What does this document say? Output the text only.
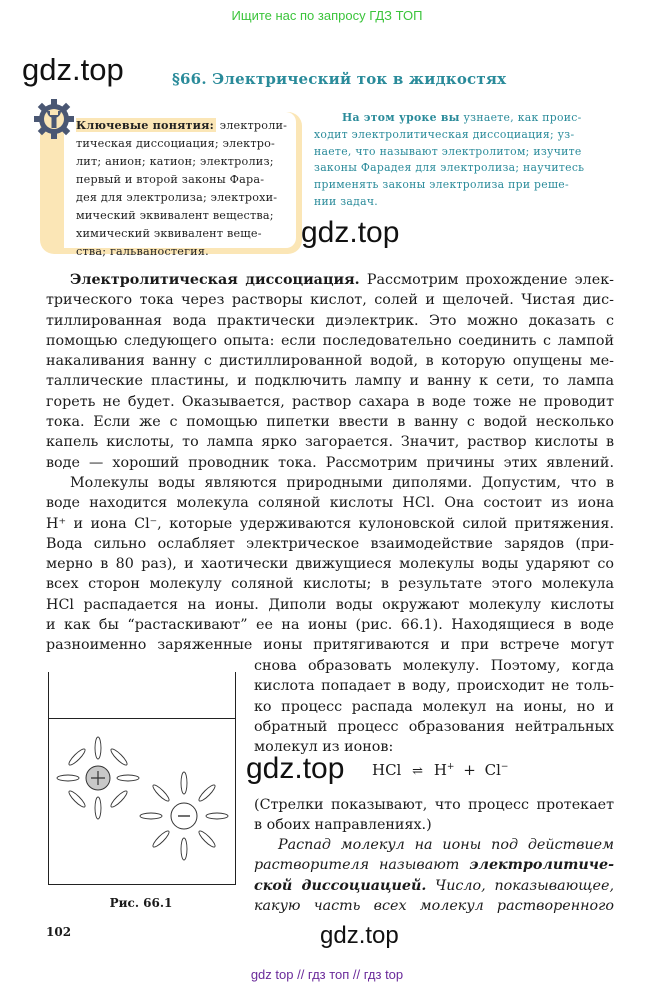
Ищите нас по запросу ГДЗ ТОП
gdz.top	§66. Электрический ток в жидкостях
Ключевые понятия: электроли-
тическая диссоциация; электро-
лит; анион; катион; электролиз;
первый и второй законы Фара-
дея для электролиза; электрохи-
мический эквивалент вещества;
химический эквивалент веще-
ства; гальваностегия.
На этом уроке вы узнаете, как проис-
ходит электролитическая диссоциация; уз-
наете, что называют электролитом; изучите
законы Фарадея для электролиза; научитесь
применять законы электролиза при реше-
нии задач.
gdz.top
Электролитическая диссоциация. Рассмотрим прохождение элек-
трического тока через растворы кислот, солей и щелочей. Чистая дис-
тиллированная вода практически диэлектрик. Это можно доказать с
помощью следующего опыта: если последовательно соединить с лампой
накаливания ванну с дистиллированной водой, в которую опущены ме-
таллические пластины, и подключить лампу и ванну к сети, то лампа
гореть не будет. Оказывается, раствор сахара в воде тоже не проводит
тока. Если же с помощью пипетки ввести в ванну с водой несколько
капель кислоты, то лампа ярко загорается. Значит, раствор кислоты в
воде — хороший проводник тока. Рассмотрим причины этих явлений.
Молекулы воды являются природными диполями. Допустим, что в
воде находится молекула соляной кислоты HCl. Она состоит из иона
H⁺ и иона Cl⁻, которые удерживаются кулоновской силой притяжения.
Вода сильно ослабляет электрическое взаимодействие зарядов (при-
мерно в 80 раз), и хаотически движущиеся молекулы воды ударяют со
всех сторон молекулу соляной кислоты; в результате этого молекула
HCl распадается на ионы. Диполи воды окружают молекулу кислоты
и как бы “растаскивают” ее на ионы (рис. 66.1). Находящиеся в воде
разноименно заряженные ионы притягиваются и при встрече могут
снова образовать молекулу. Поэтому, когда
кислота попадает в воду, происходит не толь-
ко процесс распада молекул на ионы, но и
обратный процесс образования нейтральных
молекул из ионов:
gdz.top HCl ⇌ H+ + Cl−
(Стрелки показывают, что процесс протекает
в обоих направлениях.)
Распад молекул на ионы под действием
растворителя называют электролитиче-
ской диссоциацией. Число, показывающее,
какую часть всех молекул растворенного
Рис. 66.1
102	gdz.top
gdz top // гдз топ // гдз top
